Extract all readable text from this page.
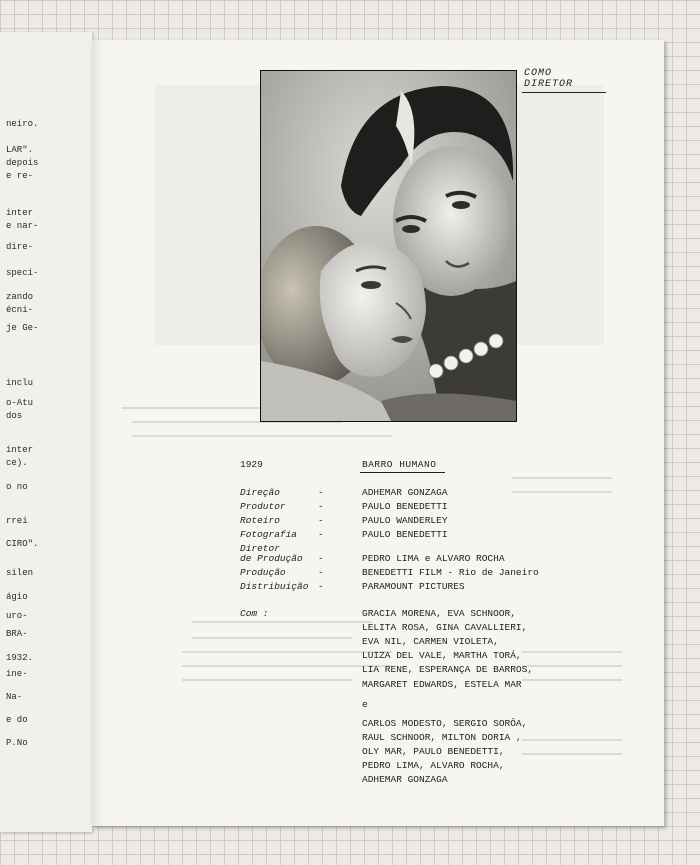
neiro.
LAR".
depois
e re-
inter
e nar-
dire-
speci-
zando
écni-
je Ge-
inclu
o-Atu
dos
inter
ce).
o no
rrei
CIRO".
silen
ágio
uro-
BRA-
1932.
ine-
Na-
e do
P.No
COMO DIRETOR
1929	BARRO HUMANO
Direção	-	ADHEMAR GONZAGA
Produtor	-	PAULO BENEDETTI
Roteiro	-	PAULO WANDERLEY
Fotografia -	PAULO BENEDETTI
Diretor
de Produção -	PEDRO LIMA e ALVARO ROCHA
Produção	-	BENEDETTI FILM - Rio de Janeiro
Distribuição -	PARAMOUNT PICTURES
Com :	GRACIA MORENA, EVA SCHNOOR,
LELITA ROSA, GINA CAVALLIERI,
EVA NIL, CARMEN VIOLETA,
LUIZA DEL VALE, MARTHA TORÁ,
LIA RENE, ESPERANÇA DE BARROS,
MARGARET EDWARDS, ESTELA MAR
e
CARLOS MODESTO, SERGIO SORÔA,
RAUL SCHNOOR, MILTON DORIA ,
OLY MAR, PAULO BENEDETTI,
PEDRO LIMA, ALVARO ROCHA,
ADHEMAR GONZAGA
